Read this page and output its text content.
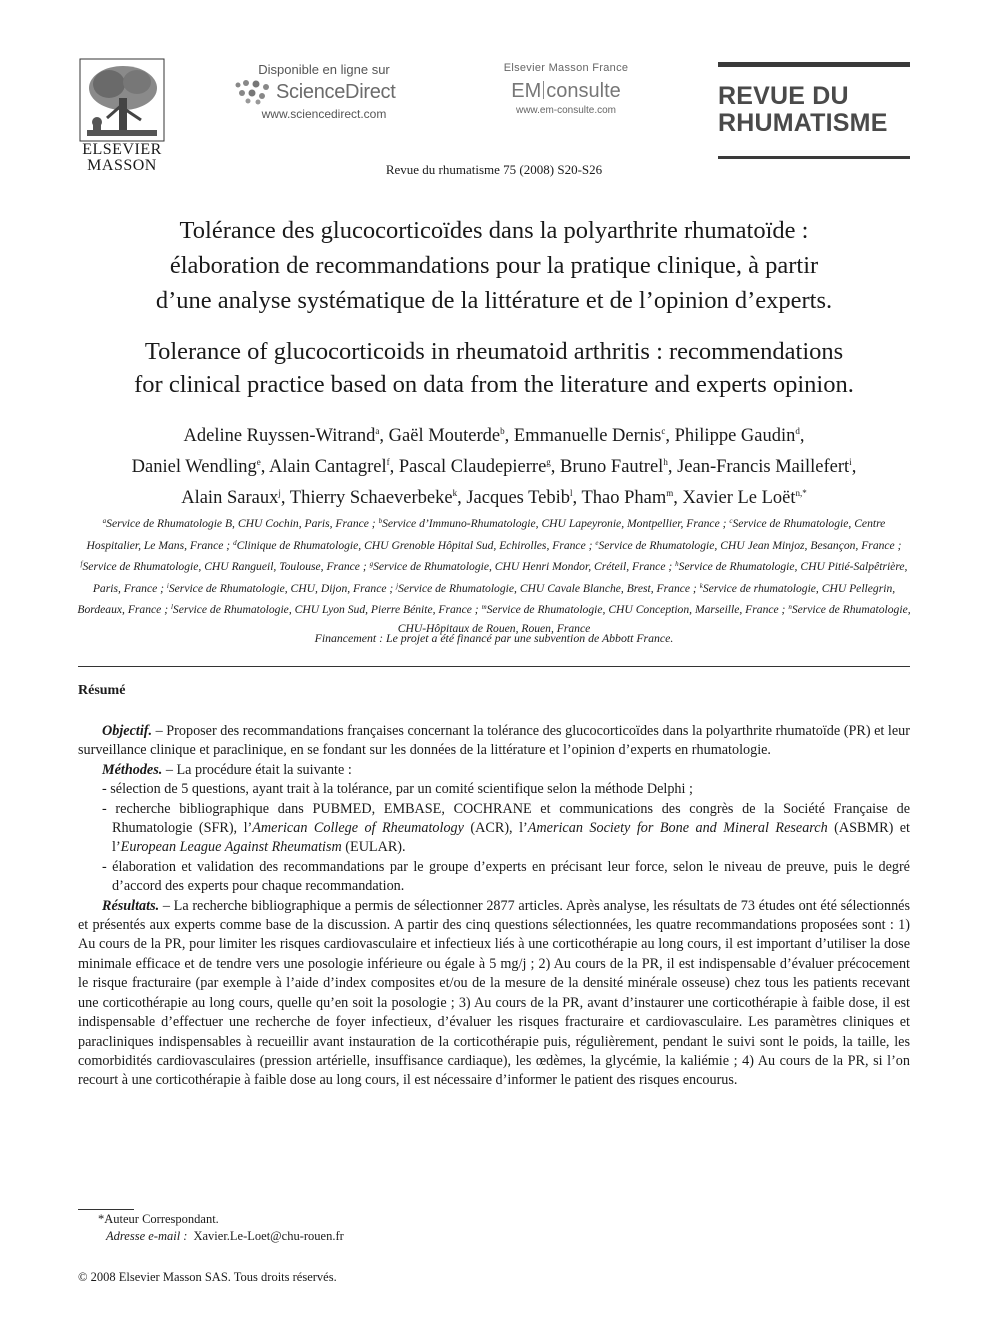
ELSEVIER
MASSON
Disponible en ligne sur
ScienceDirect
www.sciencedirect.com
Elsevier Masson France
EM consulte
www.em-consulte.com
REVUE DU
RHUMATISME
Revue du rhumatisme 75 (2008) S20-S26
Tolérance des glucocorticoïdes dans la polyarthrite rhumatoïde :
élaboration de recommandations pour la pratique clinique, à partir
d’une analyse systématique de la littérature et de l’opinion d’experts.
Tolerance of glucocorticoids in rheumatoid arthritis : recommendations
for clinical practice based on data from the literature and experts opinion.
Adeline Ruyssen-Witrand$^a$, Gaël Mouterde$^b$, Emmanuelle Dernis$^c$, Philippe Gaudin$^d$,
Daniel Wendling$^e$, Alain Cantagrel$^f$, Pascal Claudepierre$^g$, Bruno Fautrel$^h$, Jean-Francis Maillefert$^i$,
Alain Saraux$^j$, Thierry Schaeverbeke$^k$, Jacques Tebib$^l$, Thao Pham$^m$, Xavier Le Loët$^{n,*}$
$^a$Service de Rhumatologie B, CHU Cochin, Paris, France ; $^b$Service d’Immuno-Rhumatologie, CHU Lapeyronie, Montpellier, France ; $^c$Service de Rhumatologie, Centre Hospitalier, Le Mans, France ; $^d$Clinique de Rhumatologie, CHU Grenoble Hôpital Sud, Echirolles, France ; $^e$Service de Rhumatologie, CHU Jean Minjoz, Besançon, France ; $^f$Service de Rhumatologie, CHU Rangueil, Toulouse, France ; $^g$Service de Rhumatologie, CHU Henri Mondor, Créteil, France ; $^h$Service de Rhumatologie, CHU Pitié-Salpêtrière, Paris, France ; $^i$Service de Rhumatologie, CHU, Dijon, France ; $^j$Service de Rhumatologie, CHU Cavale Blanche, Brest, France ; $^k$Service de rhumatologie, CHU Pellegrin, Bordeaux, France ; $^l$Service de Rhumatologie, CHU Lyon Sud, Pierre Bénite, France ; $^m$Service de Rhumatologie, CHU Conception, Marseille, France ; $^n$Service de Rhumatologie, CHU-Hôpitaux de Rouen, Rouen, France
Financement : Le projet a été financé par une subvention de Abbott France.
Résumé

Objectif. – Proposer des recommandations françaises concernant la tolérance des glucocorticoïdes dans la polyarthrite rhumatoïde (PR) et leur surveillance clinique et paraclinique, en se fondant sur les données de la littérature et l’opinion d’experts en rhumatologie.

Méthodes. – La procédure était la suivante :

- sélection de 5 questions, ayant trait à la tolérance, par un comité scientifique selon la méthode Delphi ;
- recherche bibliographique dans PUBMED, EMBASE, COCHRANE et communications des congrès de la Société Française de Rhumatologie (SFR), l’American College of Rheumatology (ACR), l’American Society for Bone and Mineral Research (ASBMR) et l’European League Against Rheumatism (EULAR).
- élaboration et validation des recommandations par le groupe d’experts en précisant leur force, selon le niveau de preuve, puis le degré d’accord des experts pour chaque recommandation.

Résultats. – La recherche bibliographique a permis de sélectionner 2877 articles. Après analyse, les résultats de 73 études ont été sélectionnés et présentés aux experts comme base de la discussion. A partir des cinq questions sélectionnées, les quatre recommandations proposées sont : 1) Au cours de la PR, pour limiter les risques cardiovasculaire et infectieux liés à une corticothérapie au long cours, il est important d’utiliser la dose minimale efficace et de tendre vers une posologie inférieure ou égale à 5 mg/j ; 2) Au cours de la PR, il est indispensable d’évaluer précocement le risque fracturaire (par exemple à l’aide d’index composites et/ou de la mesure de la densité minérale osseuse) chez tous les patients recevant une corticothérapie au long cours, quelle qu’en soit la posologie ; 3) Au cours de la PR, avant d’instaurer une corticothérapie à faible dose, il est indispensable d’effectuer une recherche de foyer infectieux, d’évaluer les risques fracturaire et cardiovasculaire. Les paramètres cliniques et paracliniques indispensables à recueillir avant instauration de la corticothérapie puis, régulièrement, pendant le suivi sont le poids, la taille, les comorbidités cardiovasculaires (pression artérielle, insuffisance cardiaque), les œdèmes, la glycémie, la kaliémie ; 4) Au cours de la PR, si l’on recourt à une corticothérapie à faible dose au long cours, il est nécessaire d’informer le patient des risques encourus.

*Auteur Correspondant.
Adresse e-mail : Xavier.Le-Loet@chu-rouen.fr
© 2008 Elsevier Masson SAS. Tous droits réservés.
